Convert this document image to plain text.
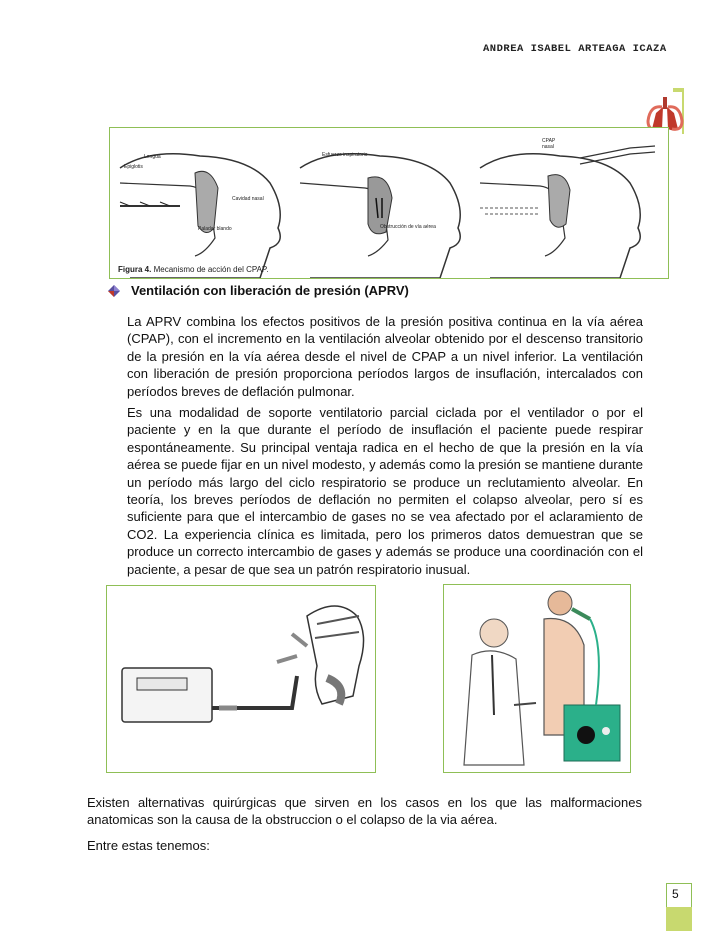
ANDREA ISABEL ARTEAGA ICAZA
Lengua
Epiglotis
Cavidad nasal
Paladar blando
Esfuerzo inspiratorio
Obstrucción de vía aérea
CPAP
nasal
Figura 4. Mecanismo de acción del CPAP.
Ventilación con liberación de presión (APRV)

La APRV combina los efectos positivos de la presión positiva continua en la vía aérea (CPAP), con el incremento en la ventilación alveolar obtenido por el descenso transitorio de la presión en la vía aérea desde el nivel de CPAP a un nivel inferior. La ventilación con liberación de presión proporciona períodos largos de insuflación, intercalados con períodos breves de deflación pulmonar.

Es una modalidad de soporte ventilatorio parcial ciclada por el ventilador o por el paciente y en la que durante el período de insuflación el paciente puede respirar espontáneamente. Su principal ventaja radica en el hecho de que la presión en la vía aérea se puede fijar en un nivel modesto, y además como la presión se mantiene durante un período más largo del ciclo respiratorio se produce un reclutamiento alveolar. En teoría, los breves períodos de deflación no permiten el colapso alveolar, pero sí es suficiente para que el intercambio de gases no se vea afectado por el aclaramiento de CO2. La experiencia clínica es limitada, pero los primeros datos demuestran que se produce un correcto intercambio de gases y además se produce una coordinación con el paciente, a pesar de que sea un patrón respiratorio inusual.

Existen alternativas quirúrgicas que sirven en los casos en los que las malformaciones anatomicas son la causa de la obstruccion o el colapso de la via aérea.

Entre estas tenemos:

5
